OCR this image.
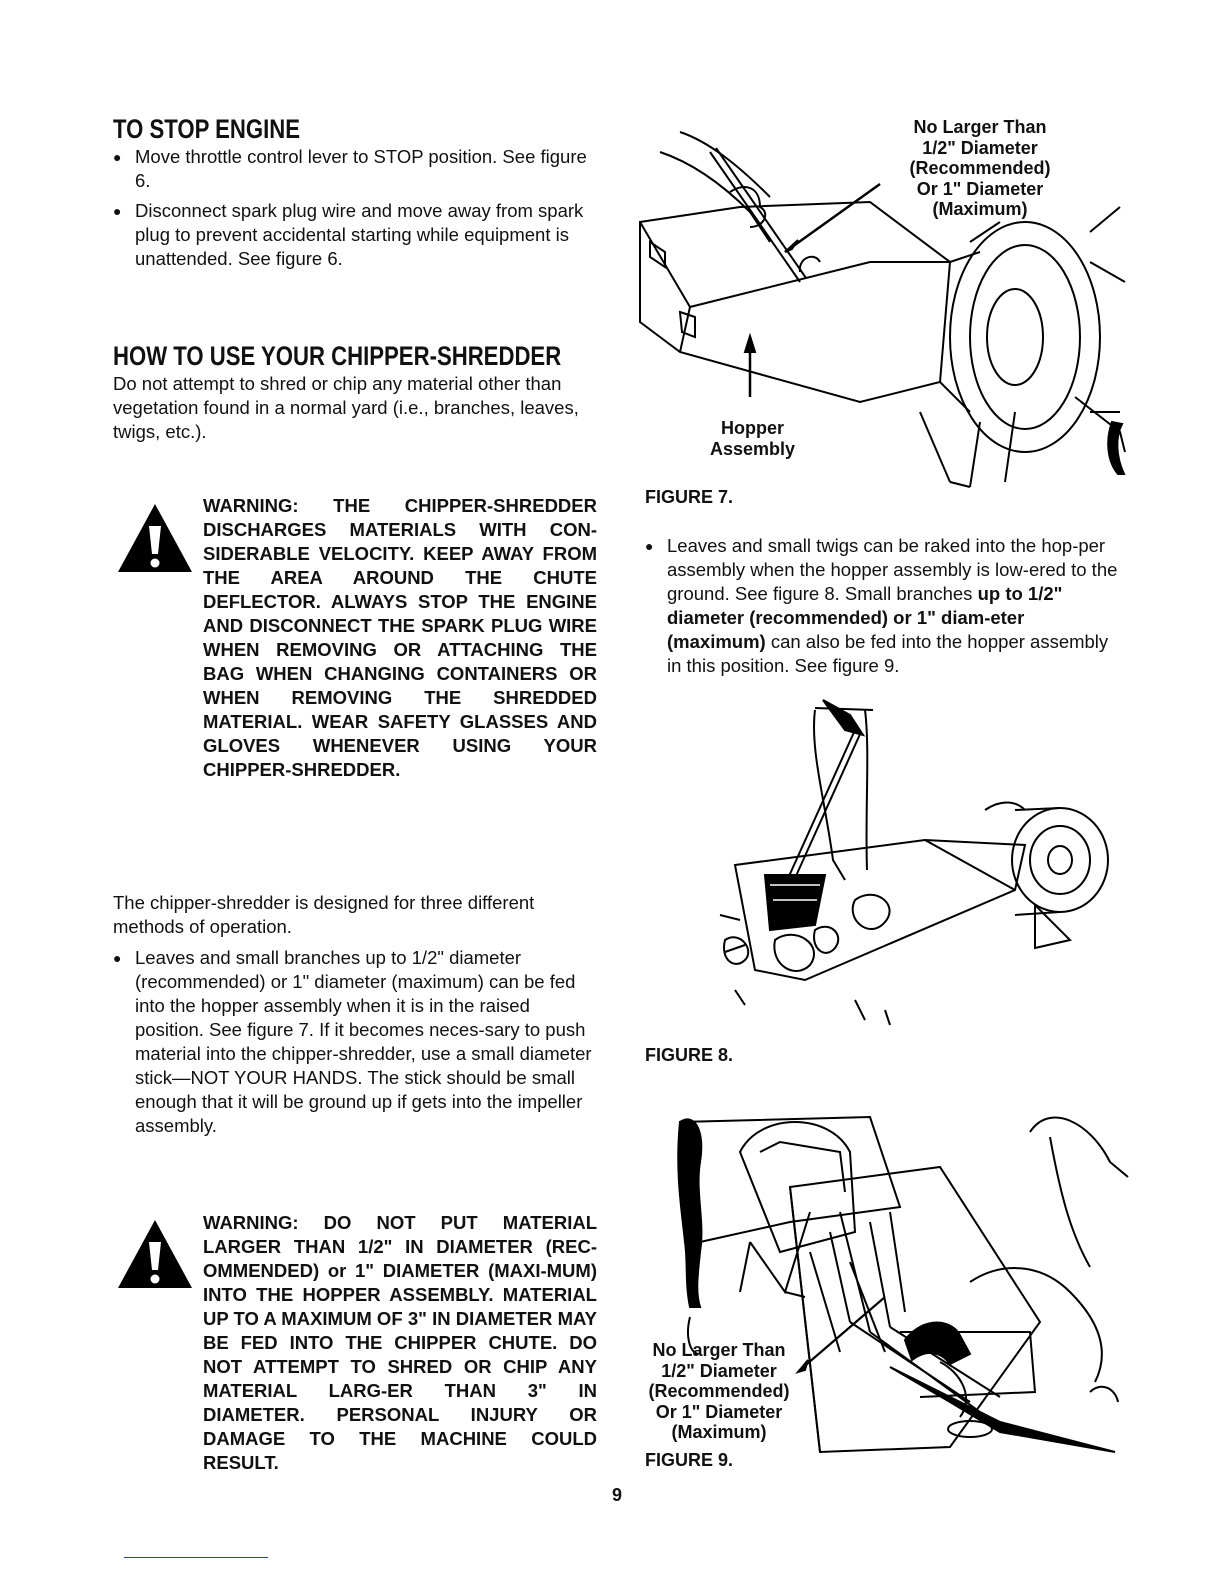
TO STOP ENGINE
● Move throttle control lever to STOP position. See figure 6.
● Disconnect spark plug wire and move away from spark plug to prevent accidental starting while equipment is unattended. See figure 6.
HOW TO USE YOUR CHIPPER-SHREDDER
Do not attempt to shred or chip any material other than vegetation found in a normal yard (i.e., branches, leaves, twigs, etc.).
WARNING: THE CHIPPER-SHREDDER DISCHARGES MATERIALS WITH CON-SIDERABLE VELOCITY. KEEP AWAY FROM THE AREA AROUND THE CHUTE DEFLECTOR. ALWAYS STOP THE ENGINE AND DISCONNECT THE SPARK PLUG WIRE WHEN REMOVING OR ATTACHING THE BAG WHEN CHANGING CONTAINERS OR WHEN REMOVING THE SHREDDED MATERIAL. WEAR SAFETY GLASSES AND GLOVES WHENEVER USING YOUR CHIPPER-SHREDDER.
The chipper-shredder is designed for three different methods of operation.
● Leaves and small branches up to 1/2" diameter (recommended) or 1" diameter (maximum) can be fed into the hopper assembly when it is in the raised position. See figure 7. If it becomes neces-sary to push material into the chipper-shredder, use a small diameter stick—NOT YOUR HANDS. The stick should be small enough that it will be ground up if gets into the impeller assembly.
WARNING: DO NOT PUT MATERIAL LARGER THAN 1/2" IN DIAMETER (REC-OMMENDED) or 1" DIAMETER (MAXI-MUM) INTO THE HOPPER ASSEMBLY. MATERIAL UP TO A MAXIMUM OF 3" IN DIAMETER MAY BE FED INTO THE CHIPPER CHUTE. DO NOT ATTEMPT TO SHRED OR CHIP ANY MATERIAL LARG-ER THAN 3" IN DIAMETER. PERSONAL INJURY OR DAMAGE TO THE MACHINE COULD RESULT.
No Larger Than
1/2" Diameter
(Recommended)
Or 1" Diameter
(Maximum)
Hopper
Assembly
FIGURE 7.
● Leaves and small twigs can be raked into the hop-per assembly when the hopper assembly is low-ered to the ground. See figure 8. Small branches up to 1/2" diameter (recommended) or 1" diam-eter (maximum) can also be fed into the hopper assembly in this position. See figure 9.
FIGURE 8.
No Larger Than
1/2" Diameter
(Recommended)
Or 1" Diameter
(Maximum)
FIGURE 9.
9
